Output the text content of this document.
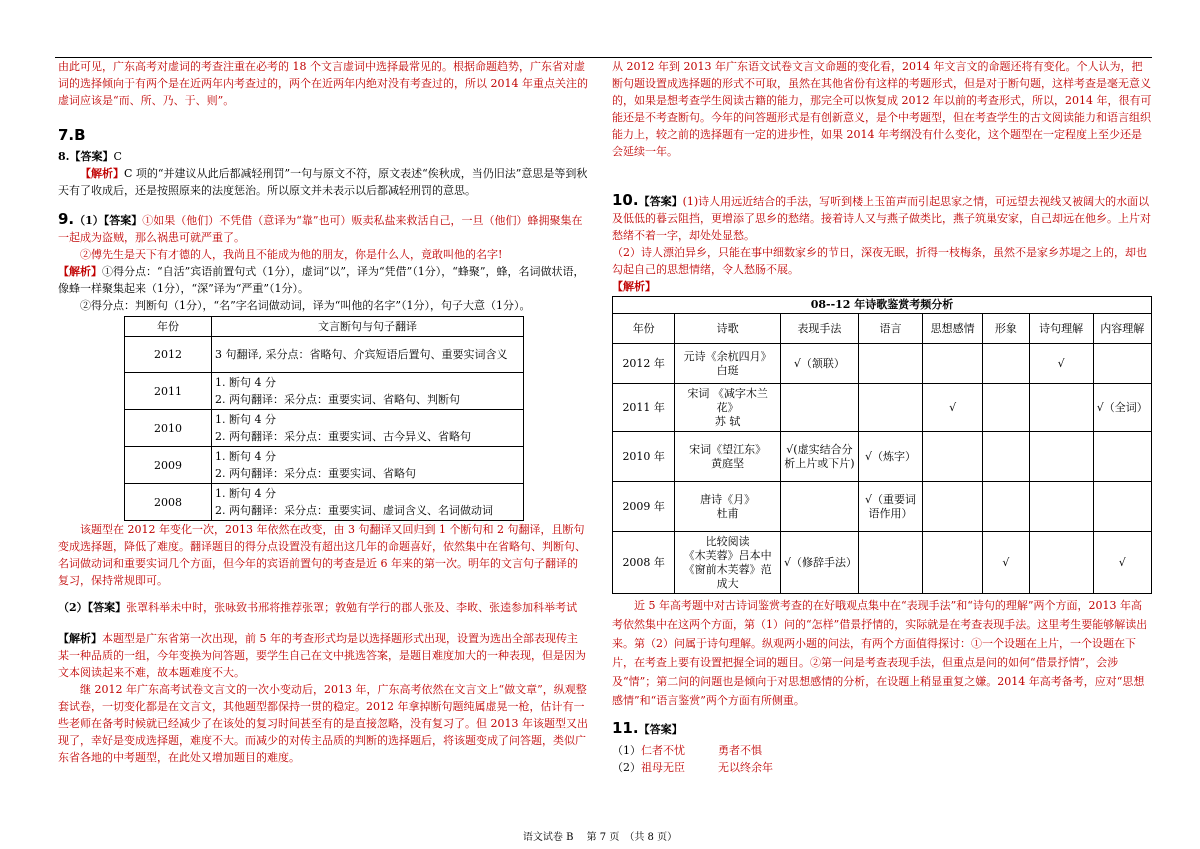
由此可见，广东高考对虚词的考查注重在必考的 18 个文言虚词中选择最常见的。根据命题趋势，广东省对虚词的选择倾向于有两个是在近两年内考查过的，两个在近两年内绝对没有考查过的，所以 2014 年重点关注的虚词应该是“而、所、乃、于、则”。

7.B

8.【答案】C

【解析】C 项的“并建议从此后都减轻刑罚”一句与原文不符，原文表述“俟秋成，当仍旧法”意思是等到秋天有了收成后，还是按照原来的法度惩治。所以原文并未表示以后都减轻刑罚的意思。

9.（1）【答案】①如果（他们）不凭借（意译为“靠”也可）贩卖私盐来救活自己，一旦（他们）蜂拥聚集在一起成为盗贼，那么祸患可就严重了。

②傅先生是天下有才德的人，我尚且不能成为他的朋友，你是什么人，竟敢叫他的名字!

【解析】①得分点：“自活”宾语前置句式（1分），虚词“以”，译为“凭借”（1分），“蜂聚”，蜂，名词做状语，像蜂一样聚集起来（1分），“深”译为“严重”（1分）。

②得分点：判断句（1分），“名”字名词做动词，译为“叫他的名字”（1分），句子大意（1分）。

年份	文言断句与句子翻译
2012	3 句翻译, 采分点：省略句、介宾短语后置句、重要实词含义
2011	1. 断句 4 分
2. 两句翻译：采分点：重要实词、省略句、判断句
2010	1. 断句 4 分
2. 两句翻译：采分点：重要实词、古今异义、省略句
2009	1. 断句 4 分
2. 两句翻译：采分点：重要实词、省略句
2008	1. 断句 4 分
2. 两句翻译：采分点：重要实词、虚词含义、名词做动词

该题型在 2012 年变化一次，2013 年依然在改变，由 3 句翻译又回归到 1 个断句和 2 句翻译，且断句变成选择题，降低了难度。翻译题目的得分点设置没有超出这几年的命题喜好，依然集中在省略句、判断句、名词做动词和重要实词几个方面，但今年的宾语前置句的考查是近 6 年来的第一次。明年的文言句子翻译的复习，保持常规即可。

（2）【答案】张罩科举未中时，张咏致书邢将推荐张罩；敦勉有学行的郡人张及、李畋、张逵参加科举考试

【解析】本题型是广东省第一次出现，前 5 年的考查形式均是以选择题形式出现，设置为选出全部表现传主某一种品质的一组，今年变换为问答题，要学生自己在文中挑选答案，是题目难度加大的一种表现，但是因为文本阅读起来不难，故本题难度不大。

继 2012 年广东高考试卷文言文的一次小变动后，2013 年，广东高考依然在文言文上“做文章”，纵观整套试卷，一切变化都是在文言文，其他题型都保持一贯的稳定。2012 年拿掉断句题纯属虚晃一枪，估计有一些老师在备考时候就已经减少了在该处的复习时间甚至有的是直接忽略，没有复习了。但 2013 年该题型又出现了，幸好是变成选择题，难度不大。而减少的对传主品质的判断的选择题后，将该题变成了问答题，类似广东省各地的中考题型，在此处又增加题目的难度。

从 2012 年到 2013 年广东语文试卷文言文命题的变化看，2014 年文言文的命题还将有变化。个人认为，把断句题设置成选择题的形式不可取，虽然在其他省份有这样的考题形式，但是对于断句题，这样考查是毫无意义的，如果是想考查学生阅读古籍的能力，那完全可以恢复成 2012 年以前的考查形式，所以，2014 年，很有可能还是不考查断句。今年的问答题形式是有创新意义，是个中考题型，但在考查学生的古文阅读能力和语言组织能力上，较之前的选择题有一定的进步性，如果 2014 年考纲没有什么变化，这个题型在一定程度上至少还是会延续一年。

10.【答案】(1)诗人用远近结合的手法，写听到楼上玉笛声而引起思家之情，可远望去视线又被阔大的水面以及低低的暮云阻挡，更增添了思乡的愁绪。接着诗人又与燕子做类比，燕子筑巢安家，自己却远在他乡。上片对愁绪不着一字，却处处显愁。

（2）诗人漂泊异乡，只能在事中细数家乡的节日，深夜无眠，折得一枝梅条，虽然不是家乡苏堤之上的，却也勾起自己的思想情绪，令人愁肠不展。

【解析】

08--12 年诗歌鉴赏考频分析							
年份	诗歌	表现手法	语言	思想感情	形象	诗句理解	内容理解
2012 年	元诗《余杭四月》
白珽	√（颔联）				√	
2011 年	宋词 《减字木兰花》
苏 轼			√			√（全词）
2010 年	宋词《望江东》
黄庭坚	√(虚实结合分析上片或下片)	√（炼字）				
2009 年	唐诗《月》
杜甫		√（重要词语作用）				
2008 年	比较阅读
《木芙蓉》吕本中
《窗前木芙蓉》范成大	√（修辞手法）			√		√

近 5 年高考题中对古诗词鉴赏考查的在好哦观点集中在“表现手法”和“诗句的理解”两个方面，2013 年高考依然集中在这两个方面，第（1）问的“怎样”借景抒情的，实际就是在考查表现手法。这里考生要能够解读出来。第（2）问属于诗句理解。纵观两小题的问法，有两个方面值得探讨：①一个设题在上片，一个设题在下片，在考查上要有设置把握全词的题目。②第一问是考查表现手法，但重点是问的如何“借景抒情”，会涉及“情”；第二问的问题也是倾向于对思想感情的分析，在设题上稍显重复之嫌。2014 年高考备考，应对“思想感情”和“语言鉴赏”两个方面有所侧重。

11.【答案】

（1）仁者不忧　　　勇者不惧

（2）祖母无臣　　　无以终余年

语文试卷 B　 第 7 页　（共 8 页）
